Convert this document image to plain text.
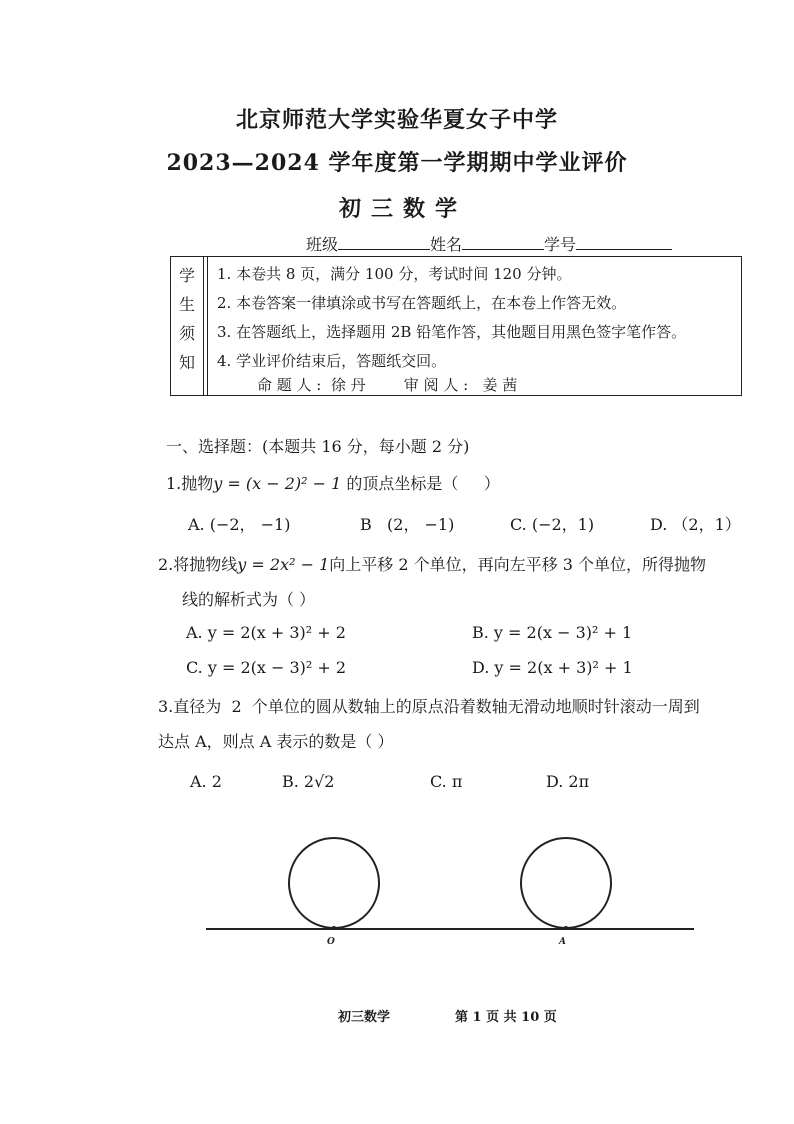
北京师范大学实验华夏女子中学
2023—2024 学年度第一学期期中学业评价
初三数学
班级	姓名	学号
学
生
须
知
1. 本卷共 8 页，满分 100 分，考试时间 120 分钟。
2. 本卷答案一律填涂或书写在答题纸上，在本卷上作答无效。
3. 在答题纸上，选择题用 2B 铅笔作答，其他题目用黑色签字笔作答。
4. 学业评价结束后，答题纸交回。
命 题 人 :  徐 丹        审 阅 人 :   姜 茜
一、选择题：(本题共 16 分，每小题 2 分)
1.抛物y = (x − 2)² − 1 的顶点坐标是（     ）
A. (−2， −1)	B   (2， −1)	C. (−2，1)	D. （2，1）
2.将抛物线y = 2x² − 1向上平移 2 个单位，再向左平移 3 个单位，所得抛物
线的解析式为（ ）
A. y = 2(x + 3)² + 2	B. y = 2(x − 3)² + 1
C. y = 2(x − 3)² + 2	D. y = 2(x + 3)² + 1
3.直径为  2  个单位的圆从数轴上的原点沿着数轴无滑动地顺时针滚动一周到
达点 A，则点 A 表示的数是（ ）
A. 2	B. 2√2	C. π	D. 2π
O	A
初三数学	第 1 页 共 10 页
